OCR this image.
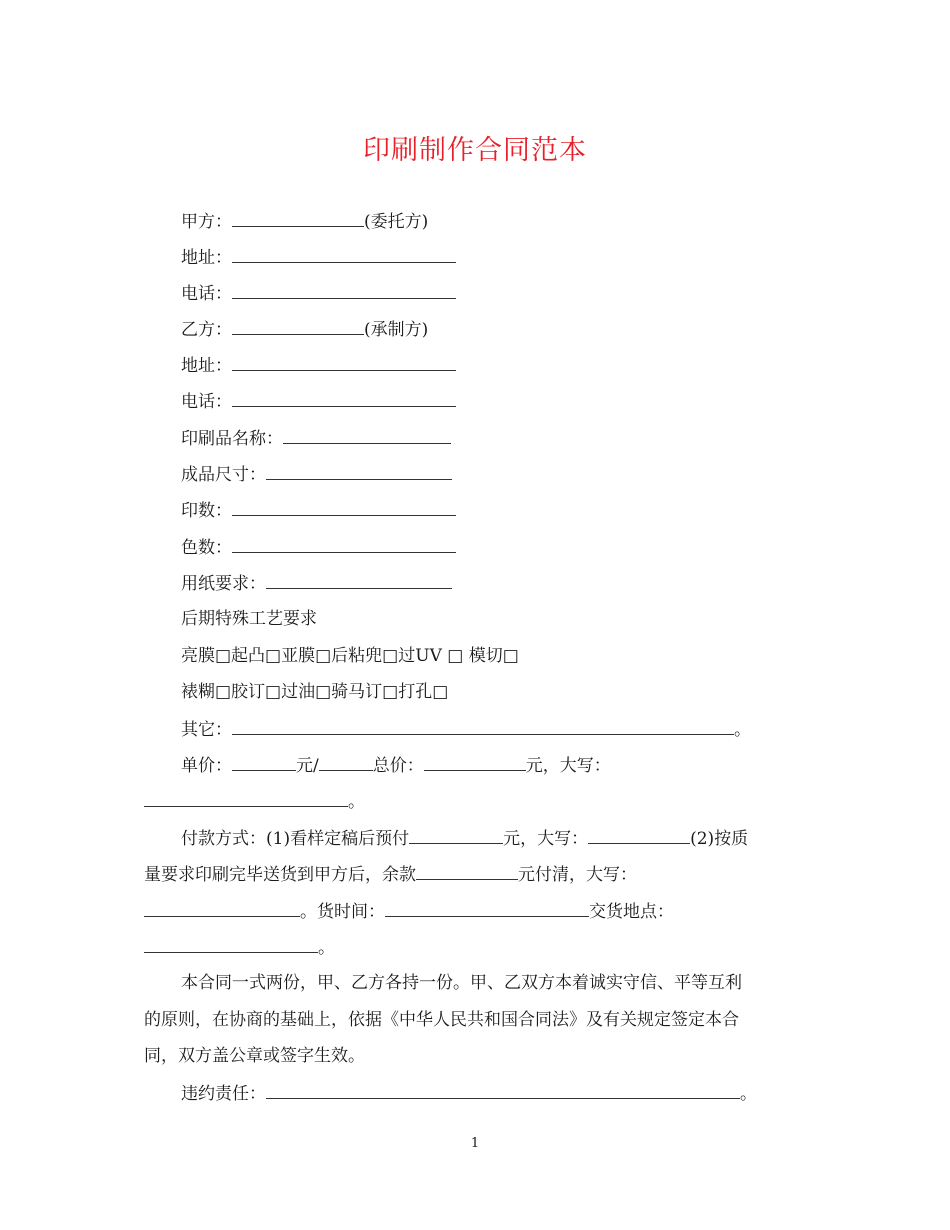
印刷制作合同范本
甲方：	(委托方)
地址：
电话：
乙方：	(承制方)
地址：
电话：
印刷品名称：
成品尺寸：
印数：
色数：
用纸要求：
后期特殊工艺要求
亮膜□起凸□亚膜□后粘兜□过UV □ 模切□
裱糊□胶订□过油□骑马订□打孔□
其它：	。
单价：	元/	总价：	元，大写：
。
付款方式：(1)看样定稿后预付	元，大写：	(2)按质
量要求印刷完毕送货到甲方后，余款	元付清，大写：
。货时间：	交货地点：
。
本合同一式两份，甲、乙方各持一份。甲、乙双方本着诚实守信、平等互利
的原则，在协商的基础上，依据《中华人民共和国合同法》及有关规定签定本合
同，双方盖公章或签字生效。
违约责任：	。
1
